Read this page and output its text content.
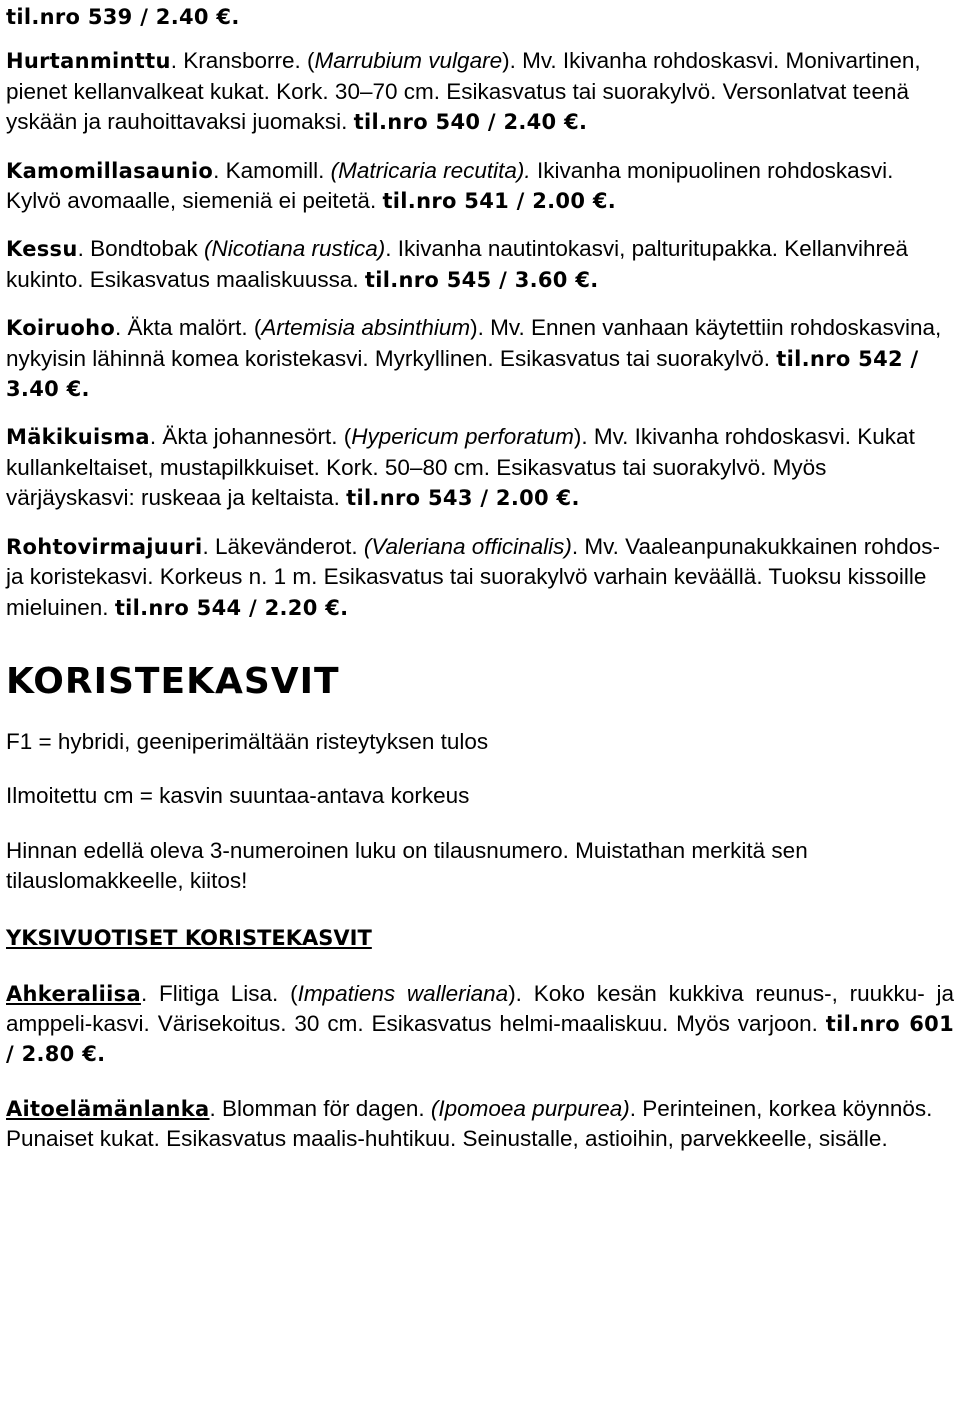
til.nro 539 / 2.40 €.

Hurtanminttu. Kransborre. (Marrubium vulgare). Mv. Ikivanha rohdoskasvi. Monivartinen, pienet kellanvalkeat kukat. Kork. 30–70 cm. Esikasvatus tai suorakylvö. Versonlatvat teenä yskään ja rauhoittavaksi juomaksi. til.nro 540 / 2.40 €.

Kamomillasaunio. Kamomill. (Matricaria recutita). Ikivanha monipuolinen rohdoskasvi. Kylvö avomaalle, siemeniä ei peitetä. til.nro 541 / 2.00 €.

Kessu. Bondtobak (Nicotiana rustica). Ikivanha nautintokasvi, palturitupakka. Kellanvihreä kukinto. Esikasvatus maaliskuussa. til.nro 545 / 3.60 €.

Koiruoho. Äkta malört. (Artemisia absinthium). Mv. Ennen vanhaan käytettiin rohdoskasvina, nykyisin lähinnä komea koristekasvi. Myrkyllinen. Esikasvatus tai suorakylvö. til.nro 542 / 3.40 €.

Mäkikuisma. Äkta johannesört. (Hypericum perforatum). Mv. Ikivanha rohdoskasvi. Kukat kullankeltaiset, mustapilkkuiset. Kork. 50–80 cm. Esikasvatus tai suorakylvö. Myös värjäyskasvi: ruskeaa ja keltaista. til.nro 543 / 2.00 €.

Rohtovirmajuuri. Läkevänderot. (Valeriana officinalis). Mv. Vaaleanpunakukkainen rohdos- ja koristekasvi. Korkeus n. 1 m. Esikasvatus tai suorakylvö varhain keväällä. Tuoksu kissoille mieluinen. til.nro 544 / 2.20 €.

KORISTEKASVIT

F1 = hybridi, geeniperimältään risteytyksen tulos

Ilmoitettu cm = kasvin suuntaa-antava korkeus

Hinnan edellä oleva 3-numeroinen luku on tilausnumero. Muistathan merkitä sen tilauslomakkeelle, kiitos!

YKSIVUOTISET KORISTEKASVIT

Ahkeraliisa. Flitiga Lisa. (Impatiens walleriana). Koko kesän kukkiva reunus-, ruukku- ja amppeli-kasvi. Värisekoitus. 30 cm. Esikasvatus helmi-maaliskuu. Myös varjoon. til.nro 601 / 2.80 €.

Aitoelämänlanka. Blomman för dagen. (Ipomoea purpurea). Perinteinen, korkea köynnös. Punaiset kukat. Esikasvatus maalis-huhtikuu. Seinustalle, astioihin, parvekkeelle, sisälle.
